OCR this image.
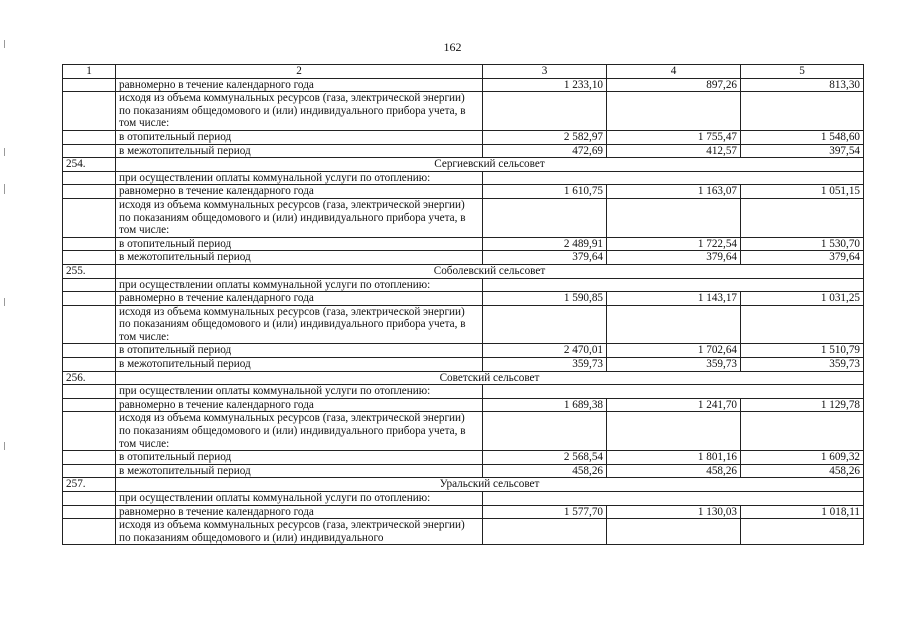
162
1	2	3	4	5
	равномерно в течение календарного года	1 233,10	897,26	813,30
	исходя из объема коммунальных ресурсов (газа, электрической энергии) по показаниям общедомового и (или) индивидуального прибора учета, в том числе:			
	в отопительный период	2 582,97	1 755,47	1 548,60
	в межотопительный период	472,69	412,57	397,54
254.	Сергиевский сельсовет			
	при осуществлении оплаты коммунальной услуги по отоплению:			
	равномерно в течение календарного года	1 610,75	1 163,07	1 051,15
	исходя из объема коммунальных ресурсов (газа, электрической энергии) по показаниям общедомового и (или) индивидуального прибора учета, в том числе:			
	в отопительный период	2 489,91	1 722,54	1 530,70
	в межотопительный период	379,64	379,64	379,64
255.	Соболевский сельсовет			
	при осуществлении оплаты коммунальной услуги по отоплению:			
	равномерно в течение календарного года	1 590,85	1 143,17	1 031,25
	исходя из объема коммунальных ресурсов (газа, электрической энергии) по показаниям общедомового и (или) индивидуального прибора учета, в том числе:			
	в отопительный период	2 470,01	1 702,64	1 510,79
	в межотопительный период	359,73	359,73	359,73
256.	Советский сельсовет			
	при осуществлении оплаты коммунальной услуги по отоплению:			
	равномерно в течение календарного года	1 689,38	1 241,70	1 129,78
	исходя из объема коммунальных ресурсов (газа, электрической энергии) по показаниям общедомового и (или) индивидуального прибора учета, в том числе:			
	в отопительный период	2 568,54	1 801,16	1 609,32
	в межотопительный период	458,26	458,26	458,26
257.	Уральский сельсовет			
	при осуществлении оплаты коммунальной услуги по отоплению:			
	равномерно в течение календарного года	1 577,70	1 130,03	1 018,11
	исходя из объема коммунальных ресурсов (газа, электрической энергии) по показаниям общедомового и (или) индивидуального			
